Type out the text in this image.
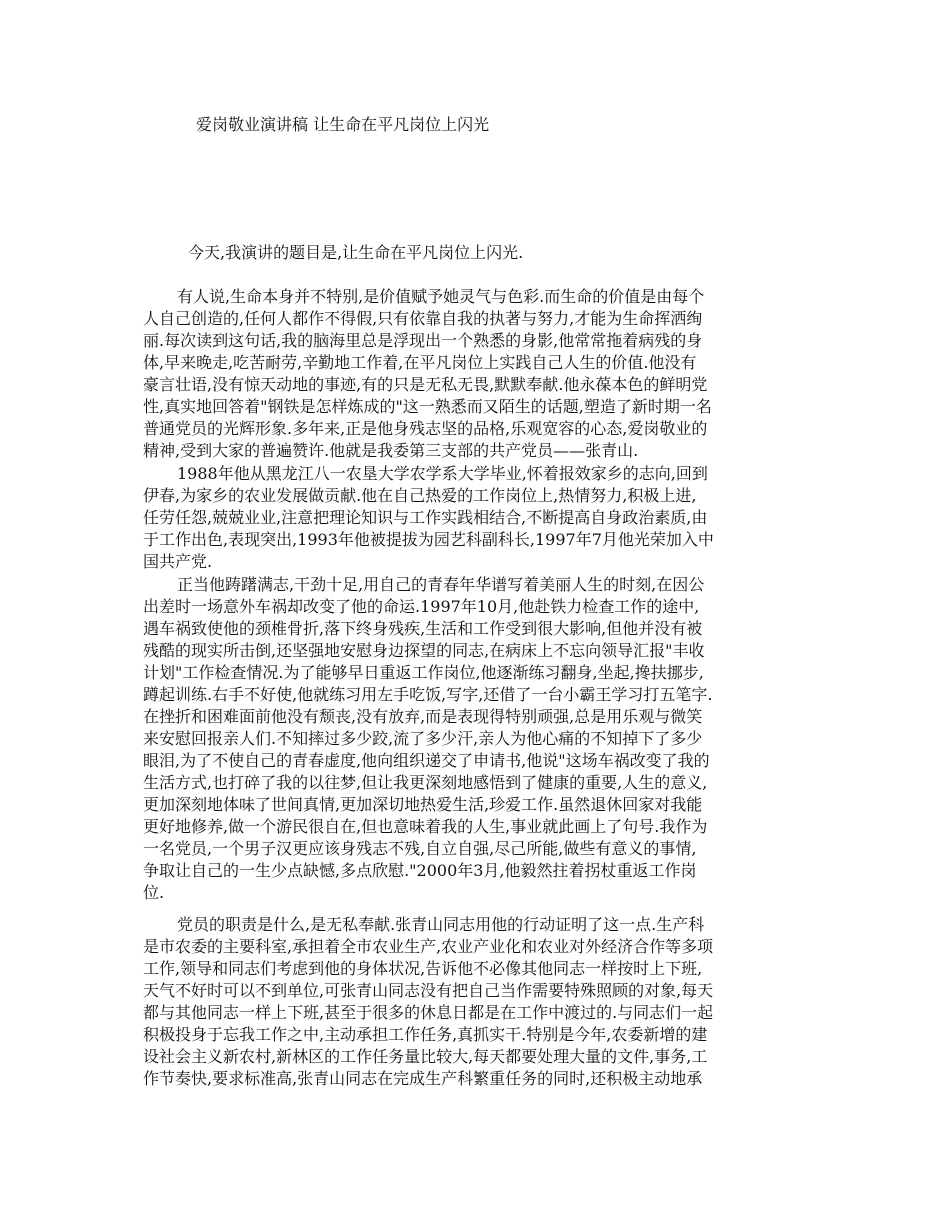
爱岗敬业演讲稿 让生命在平凡岗位上闪光
今天,我演讲的题目是,让生命在平凡岗位上闪光.
有人说,生命本身并不特别,是价值赋予她灵气与色彩.而生命的价值是由每个
人自己创造的,任何人都作不得假,只有依靠自我的执著与努力,才能为生命挥洒绚
丽.每次读到这句话,我的脑海里总是浮现出一个熟悉的身影,他常常拖着病残的身
体,早来晚走,吃苦耐劳,辛勤地工作着,在平凡岗位上实践自己人生的价值.他没有
豪言壮语,没有惊天动地的事迹,有的只是无私无畏,默默奉献.他永葆本色的鲜明党
性,真实地回答着"钢铁是怎样炼成的"这一熟悉而又陌生的话题,塑造了新时期一名
普通党员的光辉形象.多年来,正是他身残志坚的品格,乐观宽容的心态,爱岗敬业的
精神,受到大家的普遍赞许.他就是我委第三支部的共产党员——张青山.
1988年他从黑龙江八一农垦大学农学系大学毕业,怀着报效家乡的志向,回到
伊春,为家乡的农业发展做贡献.他在自己热爱的工作岗位上,热情努力,积极上进,
任劳任怨,兢兢业业,注意把理论知识与工作实践相结合,不断提高自身政治素质,由
于工作出色,表现突出,1993年他被提拔为园艺科副科长,1997年7月他光荣加入中
国共产党.
正当他踌躇满志,干劲十足,用自己的青春年华谱写着美丽人生的时刻,在因公
出差时一场意外车祸却改变了他的命运.1997年10月,他赴铁力检查工作的途中,
遇车祸致使他的颈椎骨折,落下终身残疾,生活和工作受到很大影响,但他并没有被
残酷的现实所击倒,还坚强地安慰身边探望的同志,在病床上不忘向领导汇报"丰收
计划"工作检查情况.为了能够早日重返工作岗位,他逐渐练习翻身,坐起,搀扶挪步,
蹲起训练.右手不好使,他就练习用左手吃饭,写字,还借了一台小霸王学习打五笔字.
在挫折和困难面前他没有颓丧,没有放弃,而是表现得特别顽强,总是用乐观与微笑
来安慰回报亲人们.不知摔过多少跤,流了多少汗,亲人为他心痛的不知掉下了多少
眼泪,为了不使自己的青春虚度,他向组织递交了申请书,他说"这场车祸改变了我的
生活方式,也打碎了我的以往梦,但让我更深刻地感悟到了健康的重要,人生的意义,
更加深刻地体味了世间真情,更加深切地热爱生活,珍爱工作.虽然退休回家对我能
更好地修养,做一个游民很自在,但也意味着我的人生,事业就此画上了句号.我作为
一名党员,一个男子汉更应该身残志不残,自立自强,尽己所能,做些有意义的事情,
争取让自己的一生少点缺憾,多点欣慰."2000年3月,他毅然拄着拐杖重返工作岗
位.
党员的职责是什么,是无私奉献.张青山同志用他的行动证明了这一点.生产科
是市农委的主要科室,承担着全市农业生产,农业产业化和农业对外经济合作等多项
工作,领导和同志们考虑到他的身体状况,告诉他不必像其他同志一样按时上下班,
天气不好时可以不到单位,可张青山同志没有把自己当作需要特殊照顾的对象,每天
都与其他同志一样上下班,甚至于很多的休息日都是在工作中渡过的.与同志们一起
积极投身于忘我工作之中,主动承担工作任务,真抓实干.特别是今年,农委新增的建
设社会主义新农村,新林区的工作任务量比较大,每天都要处理大量的文件,事务,工
作节奏快,要求标准高,张青山同志在完成生产科繁重任务的同时,还积极主动地承
